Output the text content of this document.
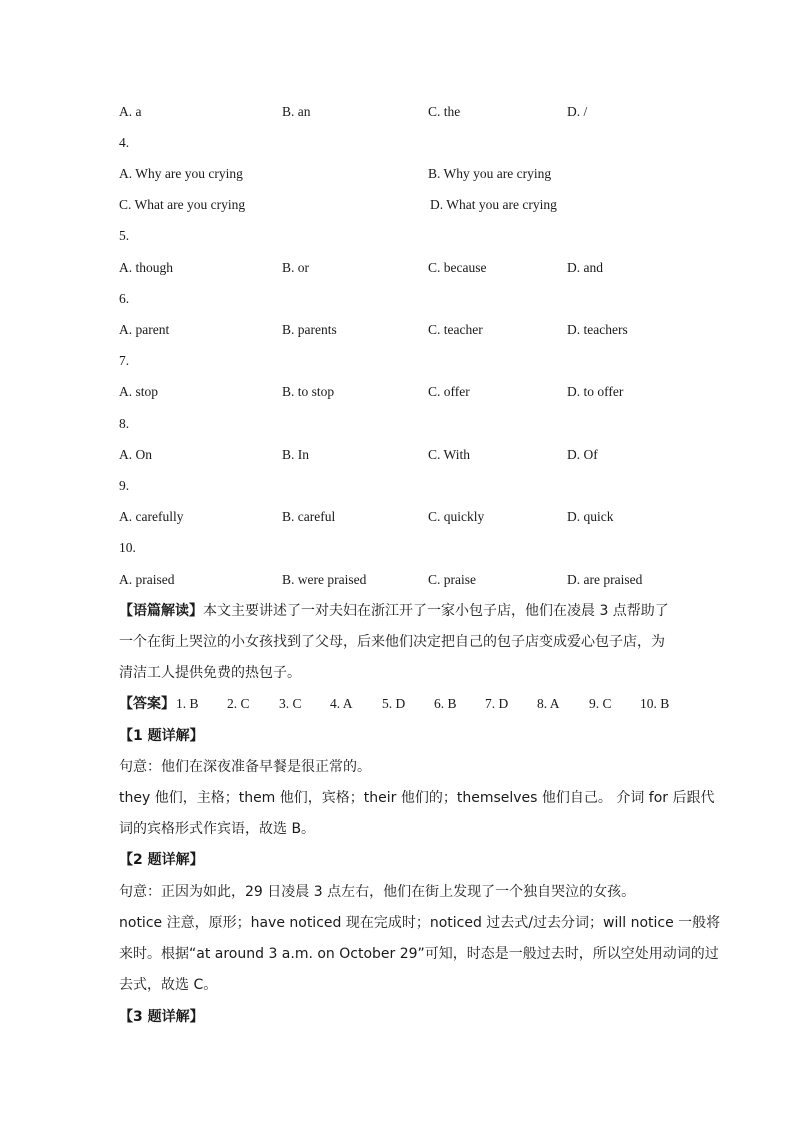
A. a	B. an	C. the	D. /
4.
A. Why are you crying	B. Why you are crying
C. What are you crying	D. What you are crying
5.
A. though	B. or	C. because	D. and
6.
A. parent	B. parents	C. teacher	D. teachers
7.
A. stop	B. to stop	C. offer	D. to offer
8.
A. On	B. In	C. With	D. Of
9.
A. carefully	B. careful	C. quickly	D. quick
10.
A. praised	B. were praised	C. praise	D. are praised
【语篇解读】本文主要讲述了一对夫妇在浙江开了一家小包子店，他们在凌晨 3 点帮助了
一个在街上哭泣的小女孩找到了父母，后来他们决定把自己的包子店变成爱心包子店，为
清洁工人提供免费的热包子。
【答案】 1. B 2. C 3. C 4. A 5. D 6. B 7. D 8. A 9. C 10. B
【1 题详解】
句意：他们在深夜准备早餐是很正常的。
they 他们，主格；them 他们，宾格；their 他们的；themselves 他们自己。 介词 for 后跟代
词的宾格形式作宾语，故选 B。
【2 题详解】
句意：正因为如此，29 日凌晨 3 点左右，他们在街上发现了一个独自哭泣的女孩。
notice 注意，原形；have noticed 现在完成时；noticed 过去式/过去分词；will notice 一般将
来时。根据“at around 3 a.m. on October 29”可知，时态是一般过去时，所以空处用动词的过
去式，故选 C。
【3 题详解】
